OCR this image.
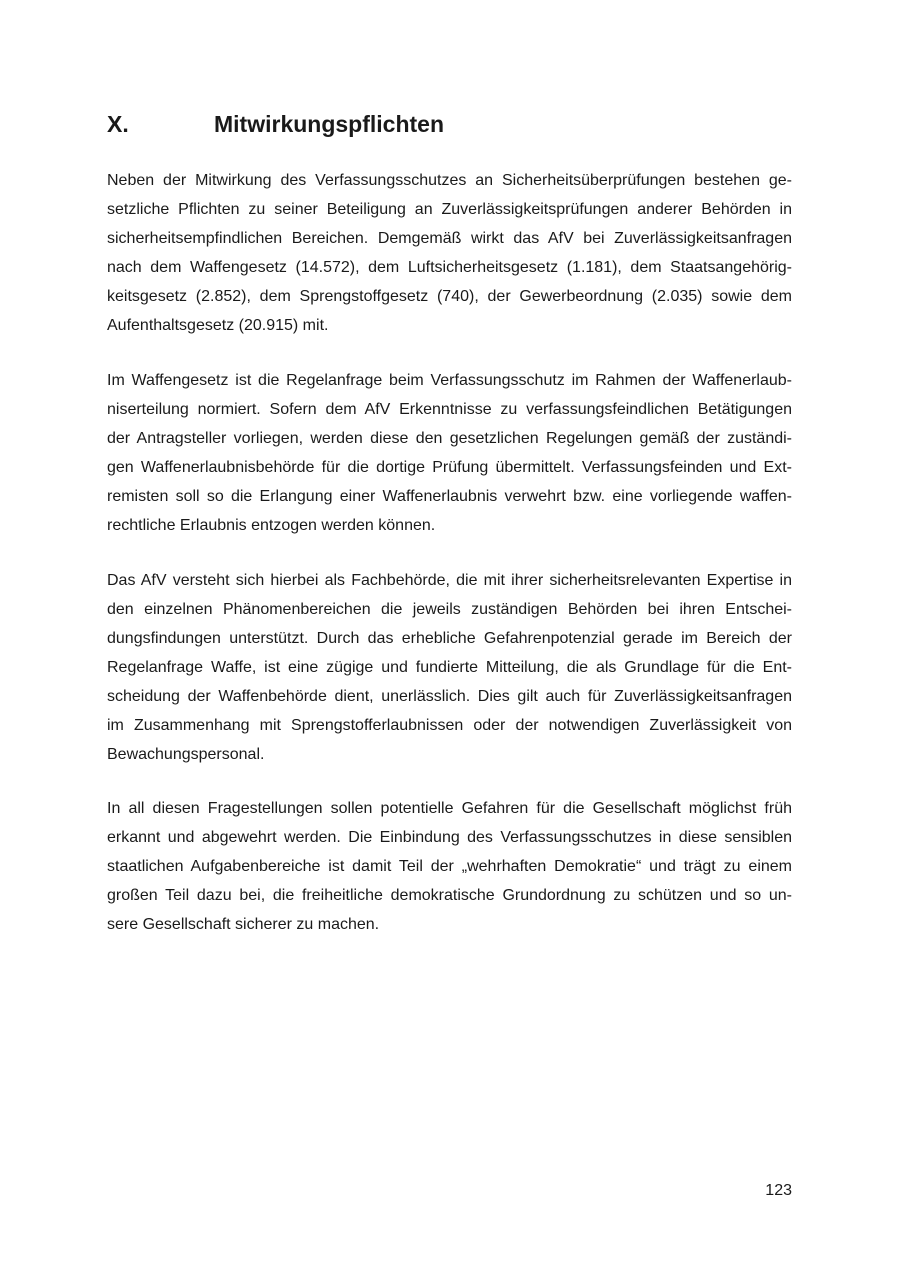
X.	Mitwirkungspflichten

Neben der Mitwirkung des Verfassungsschutzes an Sicherheitsüberprüfungen bestehen ge-
setzliche Pflichten zu seiner Beteiligung an Zuverlässigkeitsprüfungen anderer Behörden in
sicherheitsempfindlichen Bereichen. Demgemäß wirkt das AfV bei Zuverlässigkeitsanfragen
nach dem Waffengesetz (14.572), dem Luftsicherheitsgesetz (1.181), dem Staatsangehörig-
keitsgesetz (2.852), dem Sprengstoffgesetz (740), der Gewerbeordnung (2.035) sowie dem
Aufenthaltsgesetz (20.915) mit.

Im Waffengesetz ist die Regelanfrage beim Verfassungsschutz im Rahmen der Waffenerlaub-
niserteilung normiert. Sofern dem AfV Erkenntnisse zu verfassungsfeindlichen Betätigungen
der Antragsteller vorliegen, werden diese den gesetzlichen Regelungen gemäß der zuständi-
gen Waffenerlaubnisbehörde für die dortige Prüfung übermittelt. Verfassungsfeinden und Ext-
remisten soll so die Erlangung einer Waffenerlaubnis verwehrt bzw. eine vorliegende waffen-
rechtliche Erlaubnis entzogen werden können.

Das AfV versteht sich hierbei als Fachbehörde, die mit ihrer sicherheitsrelevanten Expertise in
den einzelnen Phänomenbereichen die jeweils zuständigen Behörden bei ihren Entschei-
dungsfindungen unterstützt. Durch das erhebliche Gefahrenpotenzial gerade im Bereich der
Regelanfrage Waffe, ist eine zügige und fundierte Mitteilung, die als Grundlage für die Ent-
scheidung der Waffenbehörde dient, unerlässlich. Dies gilt auch für Zuverlässigkeitsanfragen
im Zusammenhang mit Sprengstofferlaubnissen oder der notwendigen Zuverlässigkeit von
Bewachungspersonal.

In all diesen Fragestellungen sollen potentielle Gefahren für die Gesellschaft möglichst früh
erkannt und abgewehrt werden. Die Einbindung des Verfassungsschutzes in diese sensiblen
staatlichen Aufgabenbereiche ist damit Teil der „wehrhaften Demokratie“ und trägt zu einem
großen Teil dazu bei, die freiheitliche demokratische Grundordnung zu schützen und so un-
sere Gesellschaft sicherer zu machen.

123
